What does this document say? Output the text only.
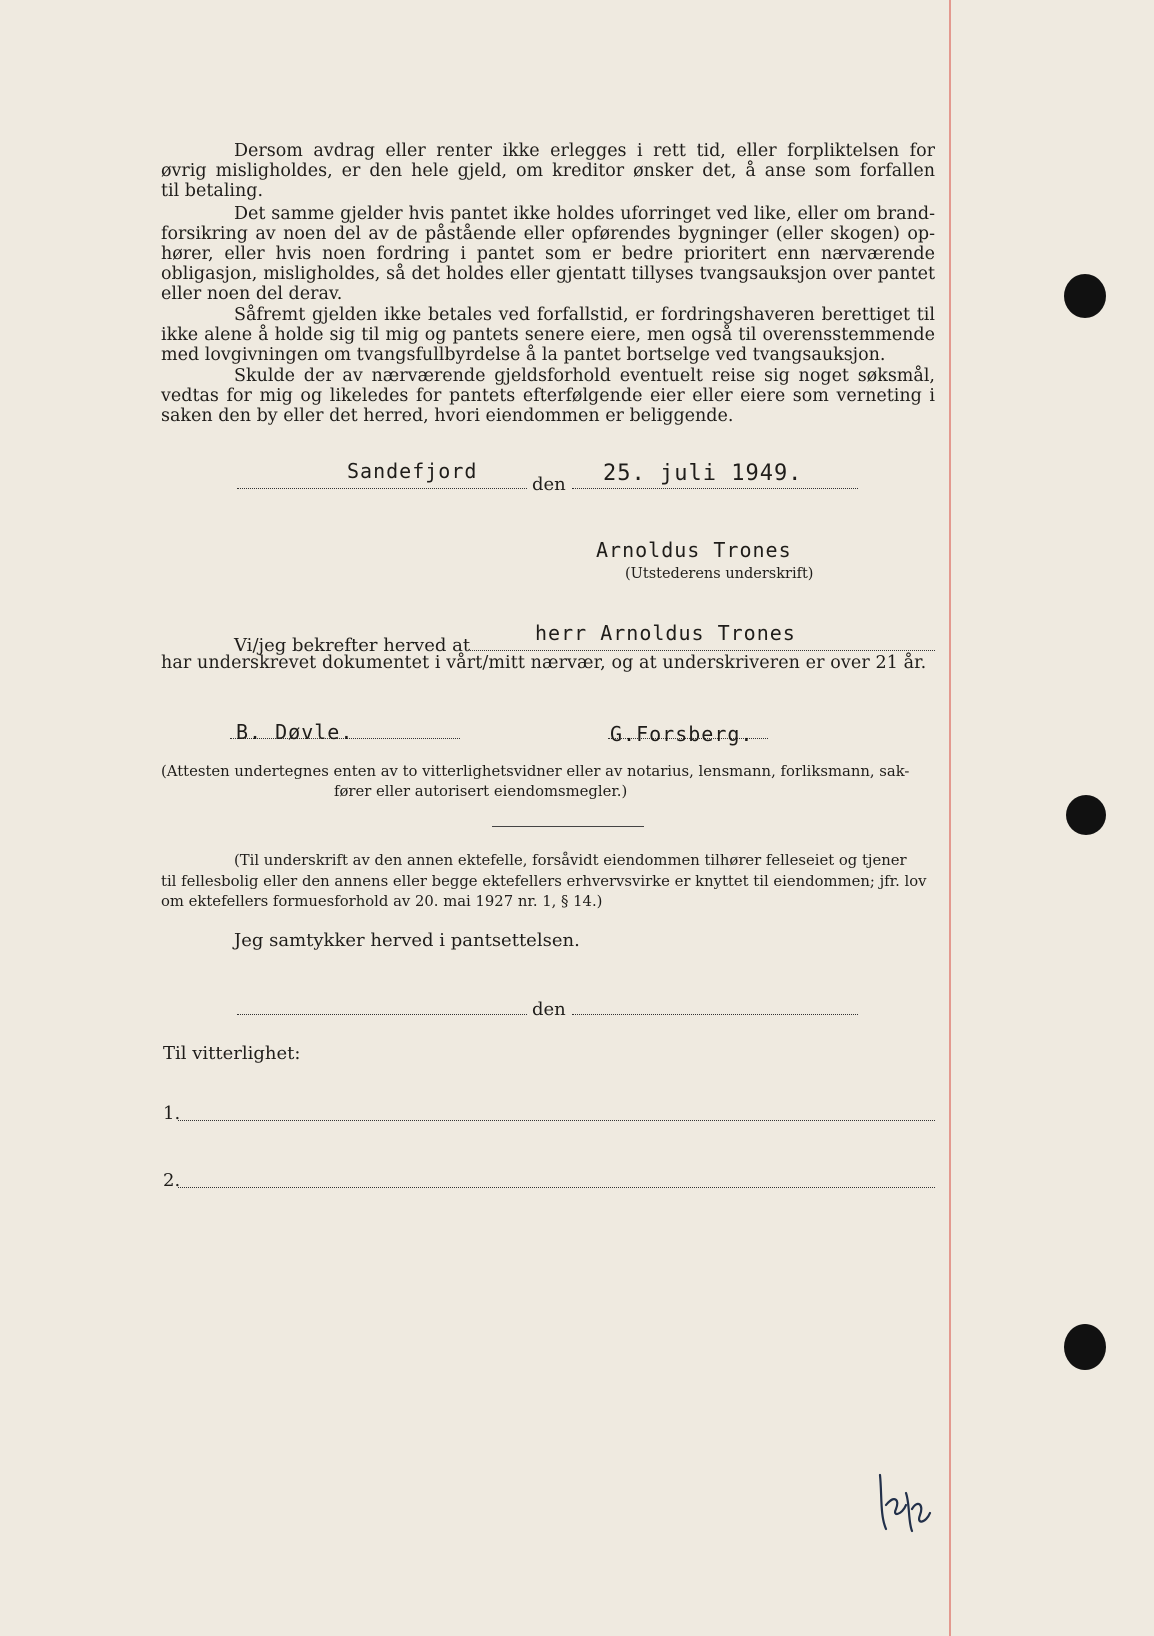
Dersom avdrag eller renter ikke erlegges i rett tid, eller forpliktelsen for
øvrig misligholdes, er den hele gjeld, om kreditor ønsker det, å anse som forfallen
til betaling.

Det samme gjelder hvis pantet ikke holdes uforringet ved like, eller om brand-
forsikring av noen del av de påstående eller opførendes bygninger (eller skogen) op-
hører, eller hvis noen fordring i pantet som er bedre prioritert enn nærværende
obligasjon, misligholdes, så det holdes eller gjentatt tillyses tvangsauksjon over pantet
eller noen del derav.

Såfremt gjelden ikke betales ved forfallstid, er fordringshaveren berettiget til
ikke alene å holde sig til mig og pantets senere eiere, men også til overensstemmende
med lovgivningen om tvangsfullbyrdelse å la pantet bortselge ved tvangsauksjon.

Skulde der av nærværende gjeldsforhold eventuelt reise sig noget søksmål,
vedtas for mig og likeledes for pantets efterfølgende eier eller eiere som verneting i
saken den by eller det herred, hvori eiendommen er beliggende.

Sandefjord
den 25. juli 1949.
Arnoldus Trones
(Utstederens underskrift)
Vi/jeg bekrefter herved at
herr Arnoldus Trones
har underskrevet dokumentet i vårt/mitt nærvær, og at underskriveren er over 21 år.
B. Døvle.	G.Forsberg.
(Attesten undertegnes enten av to vitterlighetsvidner eller av notarius, lensmann, forliksmann, sak-
fører eller autorisert eiendomsmegler.)
(Til underskrift av den annen ektefelle, forsåvidt eiendommen tilhører felleseiet og tjener
til fellesbolig eller den annens eller begge ektefellers erhvervsvirke er knyttet til eiendommen; jfr. lov
om ektefellers formuesforhold av 20. mai 1927 nr. 1, § 14.)
Jeg samtykker herved i pantsettelsen.
den
Til vitterlighet:
1.
2.
